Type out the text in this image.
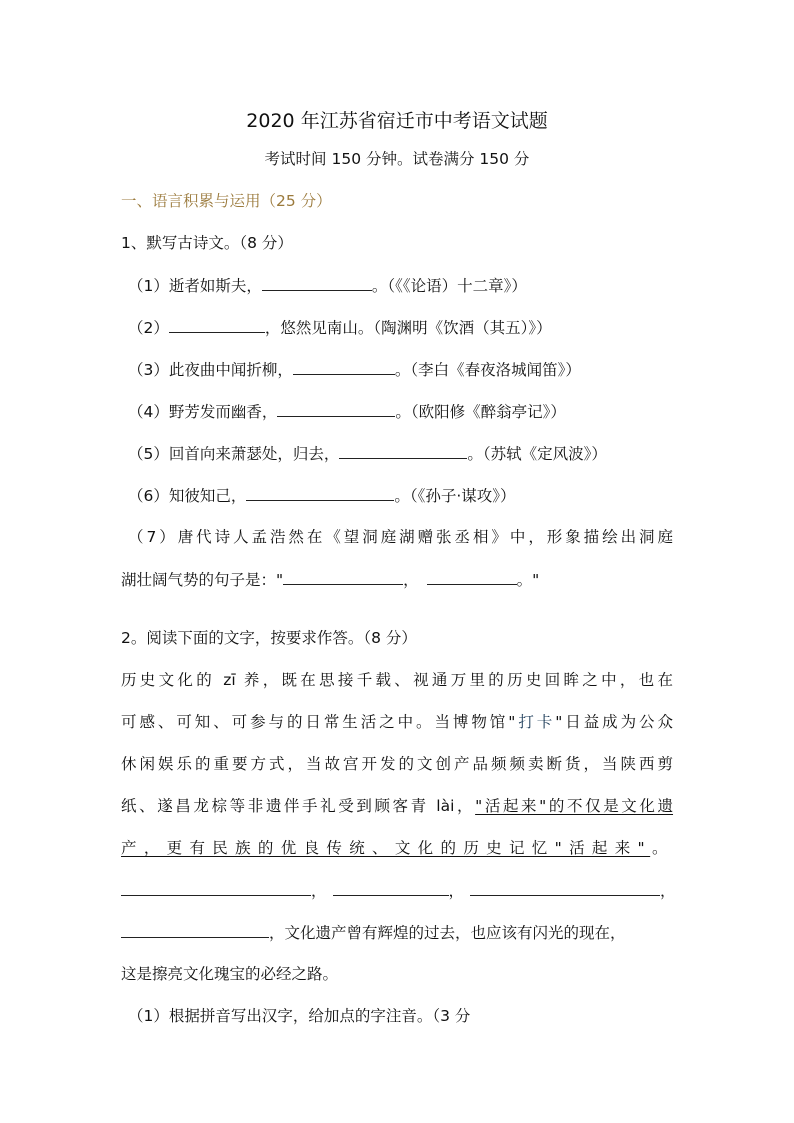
2020 年江苏省宿迁市中考语文试题
考试时间 150 分钟。试卷满分 150 分
一、语言积累与运用（25 分）
1、默写古诗文。（8 分）
（1）逝者如斯夫，	。（《《论语）十二章》）
（2）	，悠然见南山。（陶渊明《饮酒（其五）》）
（3）此夜曲中闻折柳，	。（李白《春夜洛城闻笛》）
（4）野芳发而幽香，	。（欧阳修《醉翁亭记》）
（5）回首向来萧瑟处，归去，	。（苏轼《定风波》）
（6）知彼知己，	。（《孙子·谋攻》）
（7）唐代诗人孟浩然在《望洞庭湖赠张丞相》中，形象描绘出洞庭
湖壮阔气势的句子是："	，	。"
2。阅读下面的文字，按要求作答。（8 分）
历史文化的 zī 养，既在思接千载、视通万里的历史回眸之中，也在
可感、可知、可参与的日常生活之中。当博物馆"打卡"日益成为公众
休闲娱乐的重要方式，当故宫开发的文创产品频频卖断货，当陕西剪
纸、遂昌龙棕等非遗伴手礼受到顾客青 lài，"活起来"的不仅是文化遗
产，更有民族的优良传统、文化的历史记忆"活起来"。
，	，	，
，文化遗产曾有辉煌的过去，也应该有闪光的现在，
这是擦亮文化瑰宝的必经之路。
（1）根据拼音写出汉字，给加点的字注音。（3 分
